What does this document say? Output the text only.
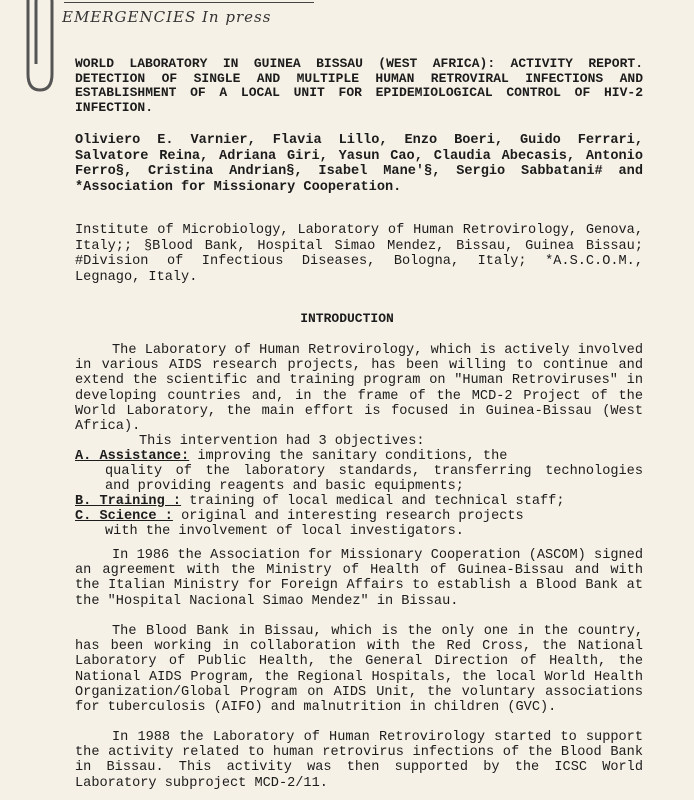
EMERGENCIES In press
WORLD LABORATORY IN GUINEA BISSAU (WEST AFRICA): ACTIVITY REPORT. DETECTION OF SINGLE AND MULTIPLE HUMAN RETROVIRAL INFECTIONS AND ESTABLISHMENT OF A LOCAL UNIT FOR EPIDEMIOLOGICAL CONTROL OF HIV-2 INFECTION.
Oliviero E. Varnier, Flavia Lillo, Enzo Boeri, Guido Ferrari, Salvatore Reina, Adriana Giri, Yasun Cao, Claudia Abecasis, Antonio Ferro§, Cristina Andrian§, Isabel Mane'§, Sergio Sabbatani# and *Association for Missionary Cooperation.
Institute of Microbiology, Laboratory of Human Retrovirology, Genova, Italy;; §Blood Bank, Hospital Simao Mendez, Bissau, Guinea Bissau; #Division of Infectious Diseases, Bologna, Italy; *A.S.C.O.M., Legnago, Italy.
INTRODUCTION

The Laboratory of Human Retrovirology, which is actively involved in various AIDS research projects, has been willing to continue and extend the scientific and training program on "Human Retroviruses" in developing countries and, in the frame of the MCD-2 Project of the World Laboratory, the main effort is focused in Guinea-Bissau (West Africa).

This intervention had 3 objectives:

A. Assistance: improving the sanitary conditions, the

quality of the laboratory standards, transferring technologies and providing reagents and basic equipments;

B. Training : training of local medical and technical staff;

C. Science : original and interesting research projects

with the involvement of local investigators.

In 1986 the Association for Missionary Cooperation (ASCOM) signed an agreement with the Ministry of Health of Guinea-Bissau and with the Italian Ministry for Foreign Affairs to establish a Blood Bank at the "Hospital Nacional Simao Mendez" in Bissau.

The Blood Bank in Bissau, which is the only one in the country, has been working in collaboration with the Red Cross, the National Laboratory of Public Health, the General Direction of Health, the National AIDS Program, the Regional Hospitals, the local World Health Organization/Global Program on AIDS Unit, the voluntary associations for tuberculosis (AIFO) and malnutrition in children (GVC).

In 1988 the Laboratory of Human Retrovirology started to support the activity related to human retrovirus infections of the Blood Bank in Bissau. This activity was then supported by the ICSC World Laboratory subproject MCD-2/11.
